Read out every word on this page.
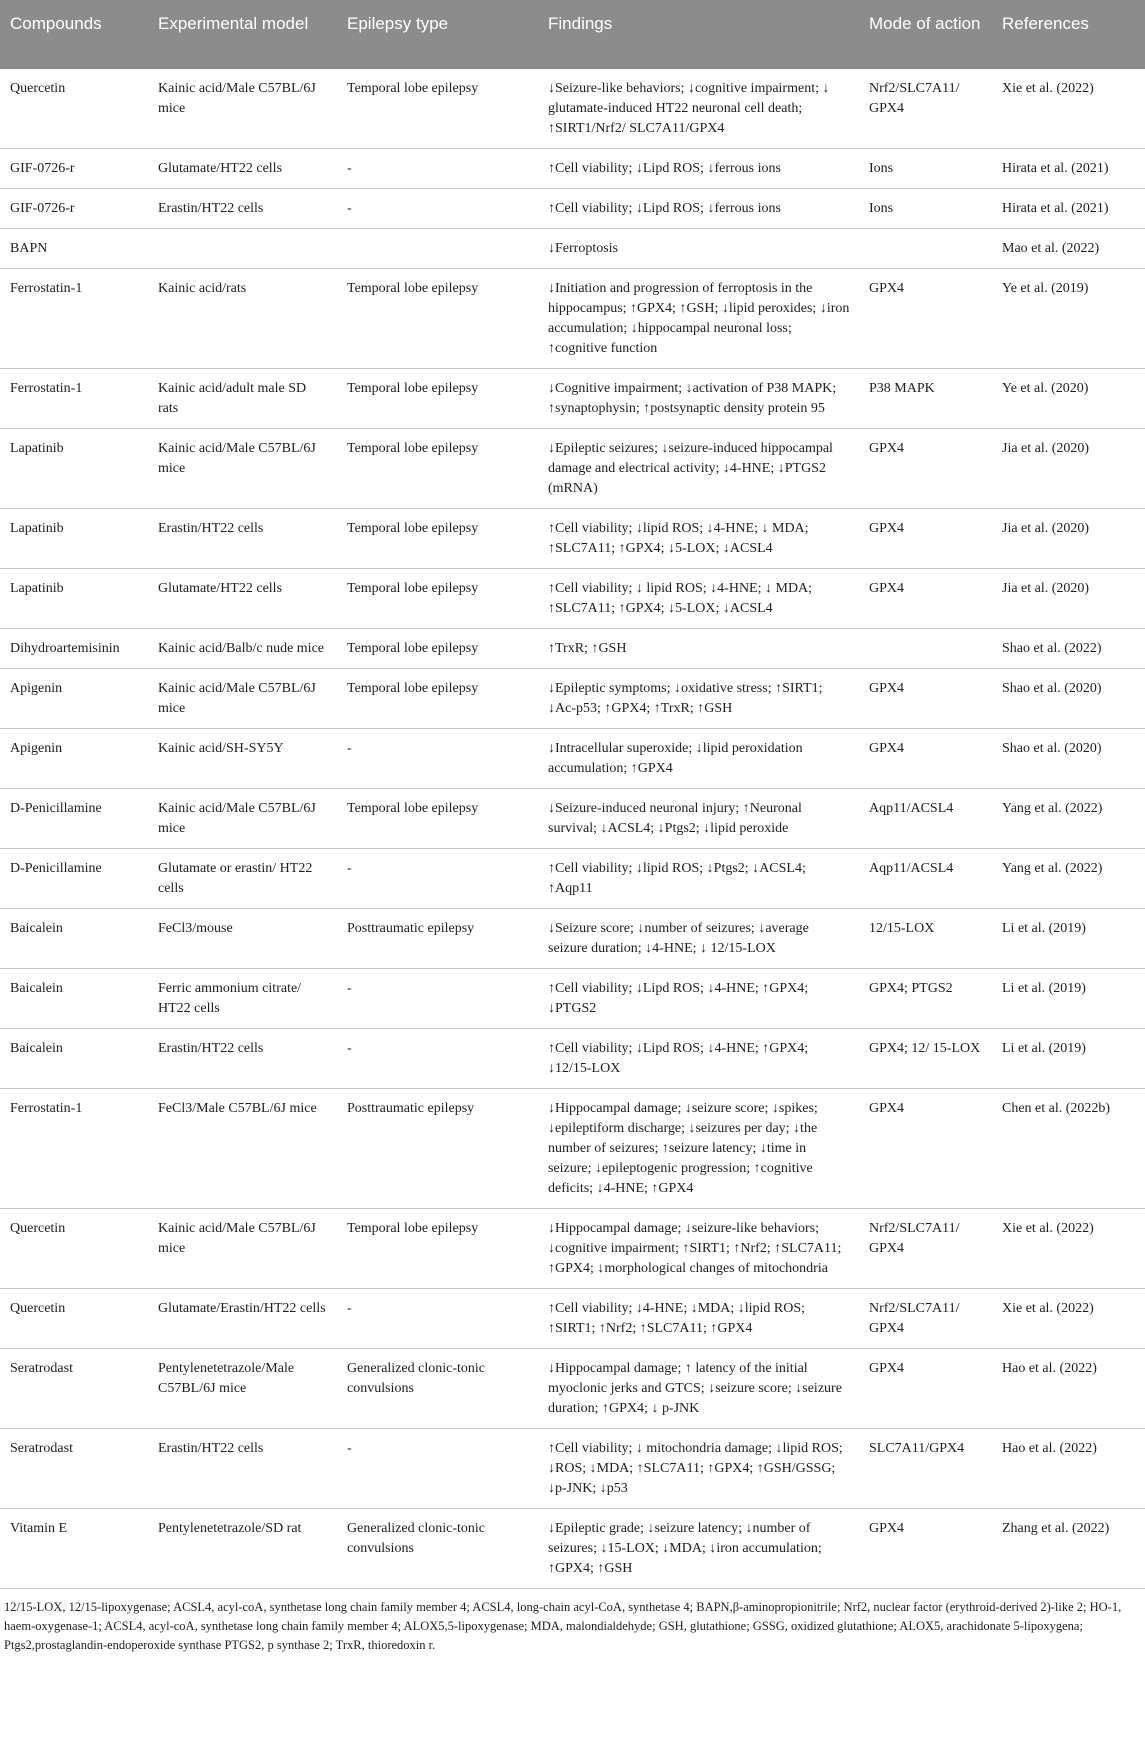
Compounds	Experimental model	Epilepsy type	Findings	Mode of action	References
Quercetin	Kainic acid/Male C57BL/6J mice	Temporal lobe epilepsy	↓Seizure-like behaviors; ↓cognitive impairment; ↓ glutamate-induced HT22 neuronal cell death; ↑SIRT1/Nrf2/ SLC7A11/GPX4	Nrf2/SLC7A11/ GPX4	Xie et al. (2022)
GIF-0726-r	Glutamate/HT22 cells	-	↑Cell viability; ↓Lipd ROS; ↓ferrous ions	Ions	Hirata et al. (2021)
GIF-0726-r	Erastin/HT22 cells	-	↑Cell viability; ↓Lipd ROS; ↓ferrous ions	Ions	Hirata et al. (2021)
BAPN			↓Ferroptosis		Mao et al. (2022)
Ferrostatin-1	Kainic acid/rats	Temporal lobe epilepsy	↓Initiation and progression of ferroptosis in the hippocampus; ↑GPX4; ↑GSH; ↓lipid peroxides; ↓iron accumulation; ↓hippocampal neuronal loss; ↑cognitive function	GPX4	Ye et al. (2019)
Ferrostatin-1	Kainic acid/adult male SD rats	Temporal lobe epilepsy	↓Cognitive impairment; ↓activation of P38 MAPK; ↑synaptophysin; ↑postsynaptic density protein 95	P38 MAPK	Ye et al. (2020)
Lapatinib	Kainic acid/Male C57BL/6J mice	Temporal lobe epilepsy	↓Epileptic seizures; ↓seizure-induced hippocampal damage and electrical activity; ↓4-HNE; ↓PTGS2 (mRNA)	GPX4	Jia et al. (2020)
Lapatinib	Erastin/HT22 cells	Temporal lobe epilepsy	↑Cell viability; ↓lipid ROS; ↓4-HNE; ↓ MDA; ↑SLC7A11; ↑GPX4; ↓5-LOX; ↓ACSL4	GPX4	Jia et al. (2020)
Lapatinib	Glutamate/HT22 cells	Temporal lobe epilepsy	↑Cell viability; ↓ lipid ROS; ↓4-HNE; ↓ MDA; ↑SLC7A11; ↑GPX4; ↓5-LOX; ↓ACSL4	GPX4	Jia et al. (2020)
Dihydroartemisinin	Kainic acid/Balb/c nude mice	Temporal lobe epilepsy	↑TrxR; ↑GSH		Shao et al. (2022)
Apigenin	Kainic acid/Male C57BL/6J mice	Temporal lobe epilepsy	↓Epileptic symptoms; ↓oxidative stress; ↑SIRT1; ↓Ac-p53; ↑GPX4; ↑TrxR; ↑GSH	GPX4	Shao et al. (2020)
Apigenin	Kainic acid/SH-SY5Y	-	↓Intracellular superoxide; ↓lipid peroxidation accumulation; ↑GPX4	GPX4	Shao et al. (2020)
D-Penicillamine	Kainic acid/Male C57BL/6J mice	Temporal lobe epilepsy	↓Seizure-induced neuronal injury; ↑Neuronal survival; ↓ACSL4; ↓Ptgs2; ↓lipid peroxide	Aqp11/ACSL4	Yang et al. (2022)
D-Penicillamine	Glutamate or erastin/ HT22 cells	-	↑Cell viability; ↓lipid ROS; ↓Ptgs2; ↓ACSL4; ↑Aqp11	Aqp11/ACSL4	Yang et al. (2022)
Baicalein	FeCl3/mouse	Posttraumatic epilepsy	↓Seizure score; ↓number of seizures; ↓average seizure duration; ↓4-HNE; ↓ 12/15-LOX	12/15-LOX	Li et al. (2019)
Baicalein	Ferric ammonium citrate/ HT22 cells	-	↑Cell viability; ↓Lipd ROS; ↓4-HNE; ↑GPX4; ↓PTGS2	GPX4; PTGS2	Li et al. (2019)
Baicalein	Erastin/HT22 cells	-	↑Cell viability; ↓Lipd ROS; ↓4-HNE; ↑GPX4; ↓12/15-LOX	GPX4; 12/ 15-LOX	Li et al. (2019)
Ferrostatin-1	FeCl3/Male C57BL/6J mice	Posttraumatic epilepsy	↓Hippocampal damage; ↓seizure score; ↓spikes; ↓epileptiform discharge; ↓seizures per day; ↓the number of seizures; ↑seizure latency; ↓time in seizure; ↓epileptogenic progression; ↑cognitive deficits; ↓4-HNE; ↑GPX4	GPX4	Chen et al. (2022b)
Quercetin	Kainic acid/Male C57BL/6J mice	Temporal lobe epilepsy	↓Hippocampal damage; ↓seizure-like behaviors; ↓cognitive impairment; ↑SIRT1; ↑Nrf2; ↑SLC7A11; ↑GPX4; ↓morphological changes of mitochondria	Nrf2/SLC7A11/ GPX4	Xie et al. (2022)
Quercetin	Glutamate/Erastin/HT22 cells	-	↑Cell viability; ↓4-HNE; ↓MDA; ↓lipid ROS; ↑SIRT1; ↑Nrf2; ↑SLC7A11; ↑GPX4	Nrf2/SLC7A11/ GPX4	Xie et al. (2022)
Seratrodast	Pentylenetetrazole/Male C57BL/6J mice	Generalized clonic-tonic convulsions	↓Hippocampal damage; ↑ latency of the initial myoclonic jerks and GTCS; ↓seizure score; ↓seizure duration; ↑GPX4; ↓ p-JNK	GPX4	Hao et al. (2022)
Seratrodast	Erastin/HT22 cells	-	↑Cell viability; ↓ mitochondria damage; ↓lipid ROS; ↓ROS; ↓MDA; ↑SLC7A11; ↑GPX4; ↑GSH/GSSG; ↓p-JNK; ↓p53	SLC7A11/GPX4	Hao et al. (2022)
Vitamin E	Pentylenetetrazole/SD rat	Generalized clonic-tonic convulsions	↓Epileptic grade; ↓seizure latency; ↓number of seizures; ↓15-LOX; ↓MDA; ↓iron accumulation; ↑GPX4; ↑GSH	GPX4	Zhang et al. (2022)
12/15-LOX, 12/15-lipoxygenase; ACSL4, acyl-coA, synthetase long chain family member 4; ACSL4, long-chain acyl-CoA, synthetase 4; BAPN,β-aminopropionitrile; Nrf2, nuclear factor (erythroid-derived 2)-like 2; HO-1, haem-oxygenase-1; ACSL4, acyl-coA, synthetase long chain family member 4; ALOX5,5-lipoxygenase; MDA, malondialdehyde; GSH, glutathione; GSSG, oxidized glutathione; ALOX5, arachidonate 5-lipoxygena; Ptgs2,prostaglandin-endoperoxide synthase PTGS2, p synthase 2; TrxR, thioredoxin r.
